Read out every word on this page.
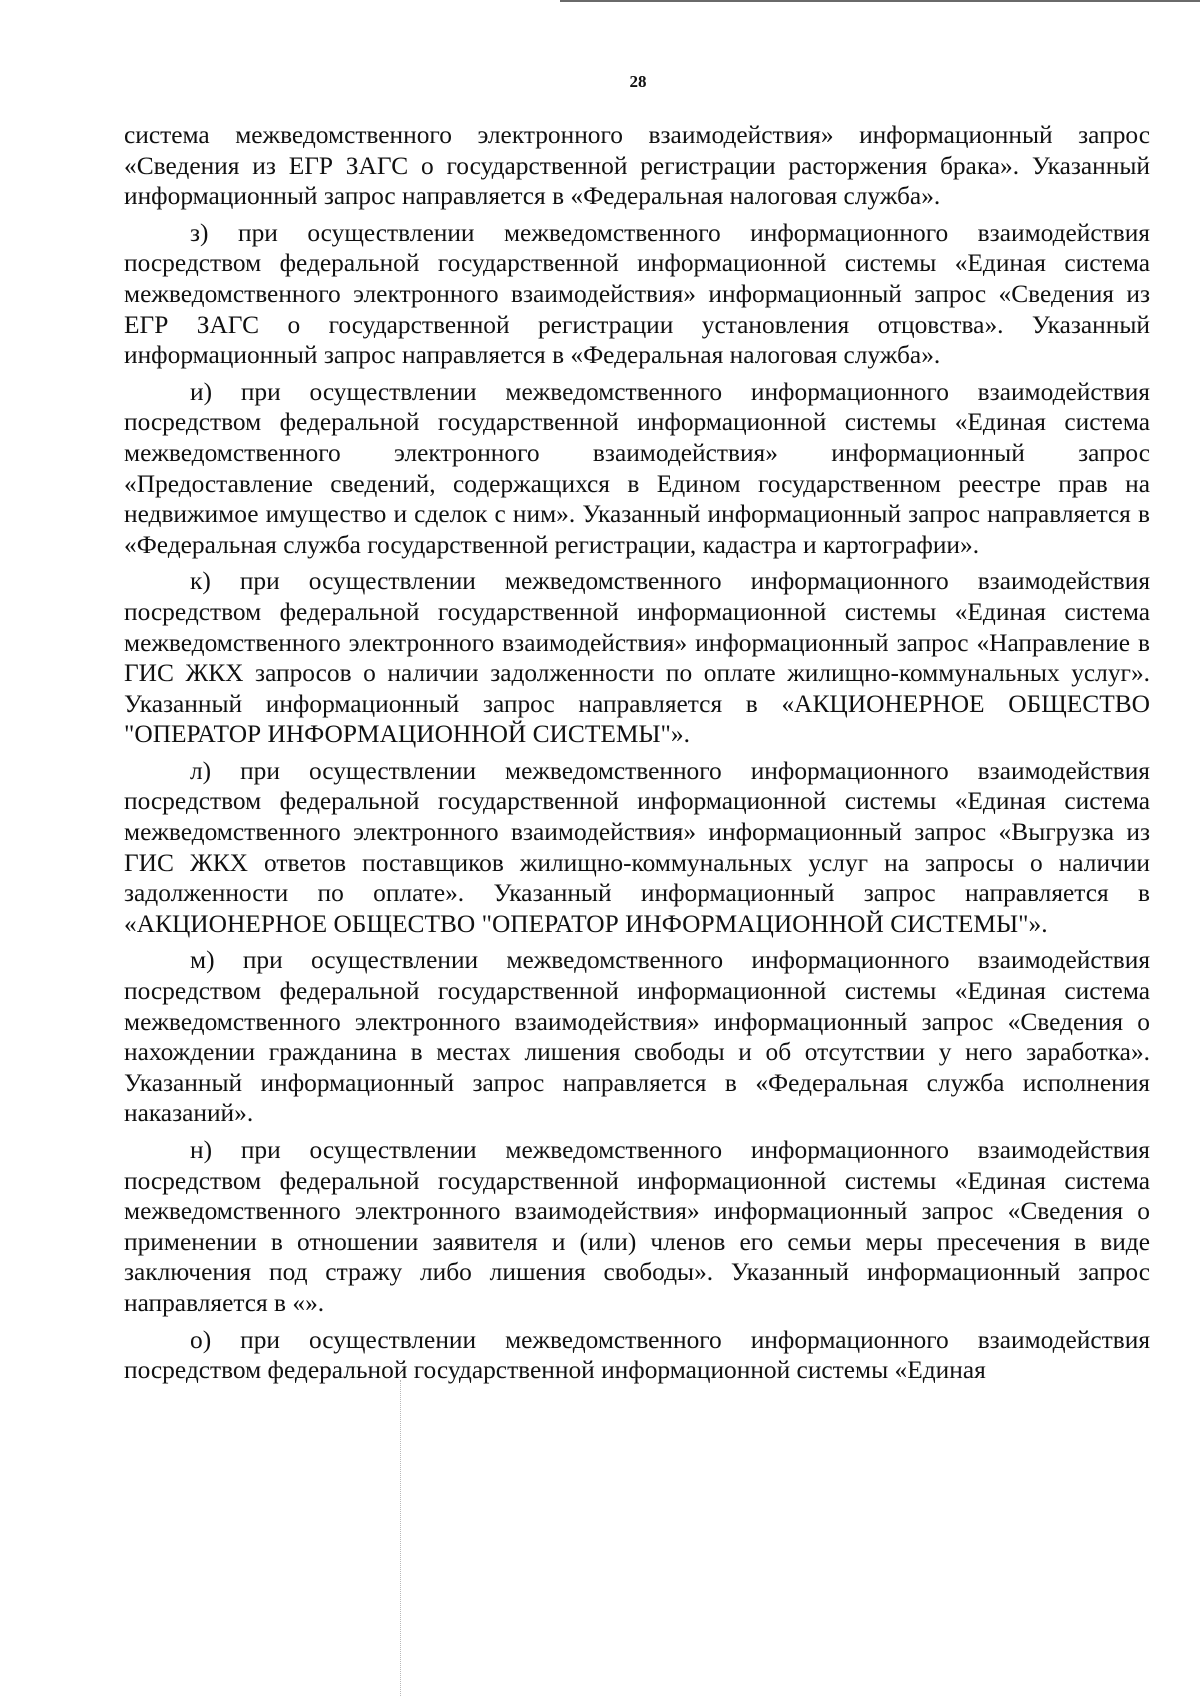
28

система межведомственного электронного взаимодействия» информационный запрос «Сведения из ЕГР ЗАГС о государственной регистрации расторжения брака». Указанный информационный запрос направляется в «Федеральная налоговая служба».

з) при осуществлении межведомственного информационного взаимодействия посредством федеральной государственной информационной системы «Единая система межведомственного электронного взаимодействия» информационный запрос «Сведения из ЕГР ЗАГС о государственной регистрации установления отцовства». Указанный информационный запрос направляется в «Федеральная налоговая служба».

и) при осуществлении межведомственного информационного взаимодействия посредством федеральной государственной информационной системы «Единая система межведомственного электронного взаимодействия» информационный запрос «Предоставление сведений, содержащихся в Едином государственном реестре прав на недвижимое имущество и сделок с ним». Указанный информационный запрос направляется в «Федеральная служба государственной регистрации, кадастра и картографии».

к) при осуществлении межведомственного информационного взаимодействия посредством федеральной государственной информационной системы «Единая система межведомственного электронного взаимодействия» информационный запрос «Направление в ГИС ЖКХ запросов о наличии задолженности по оплате жилищно-коммунальных услуг». Указанный информационный запрос направляется в «АКЦИОНЕРНОЕ ОБЩЕСТВО "ОПЕРАТОР ИНФОРМАЦИОННОЙ СИСТЕМЫ"».

л) при осуществлении межведомственного информационного взаимодействия посредством федеральной государственной информационной системы «Единая система межведомственного электронного взаимодействия» информационный запрос «Выгрузка из ГИС ЖКХ ответов поставщиков жилищно-коммунальных услуг на запросы о наличии задолженности по оплате». Указанный информационный запрос направляется в «АКЦИОНЕРНОЕ ОБЩЕСТВО "ОПЕРАТОР ИНФОРМАЦИОННОЙ СИСТЕМЫ"».

м) при осуществлении межведомственного информационного взаимодействия посредством федеральной государственной информационной системы «Единая система межведомственного электронного взаимодействия» информационный запрос «Сведения о нахождении гражданина в местах лишения свободы и об отсутствии у него заработка». Указанный информационный запрос направляется в «Федеральная служба исполнения наказаний».

н) при осуществлении межведомственного информационного взаимодействия посредством федеральной государственной информационной системы «Единая система межведомственного электронного взаимодействия» информационный запрос «Сведения о применении в отношении заявителя и (или) членов его семьи меры пресечения в виде заключения под стражу либо лишения свободы». Указанный информационный запрос направляется в «».

о) при осуществлении межведомственного информационного взаимодействия посредством федеральной государственной информационной системы «Единая
